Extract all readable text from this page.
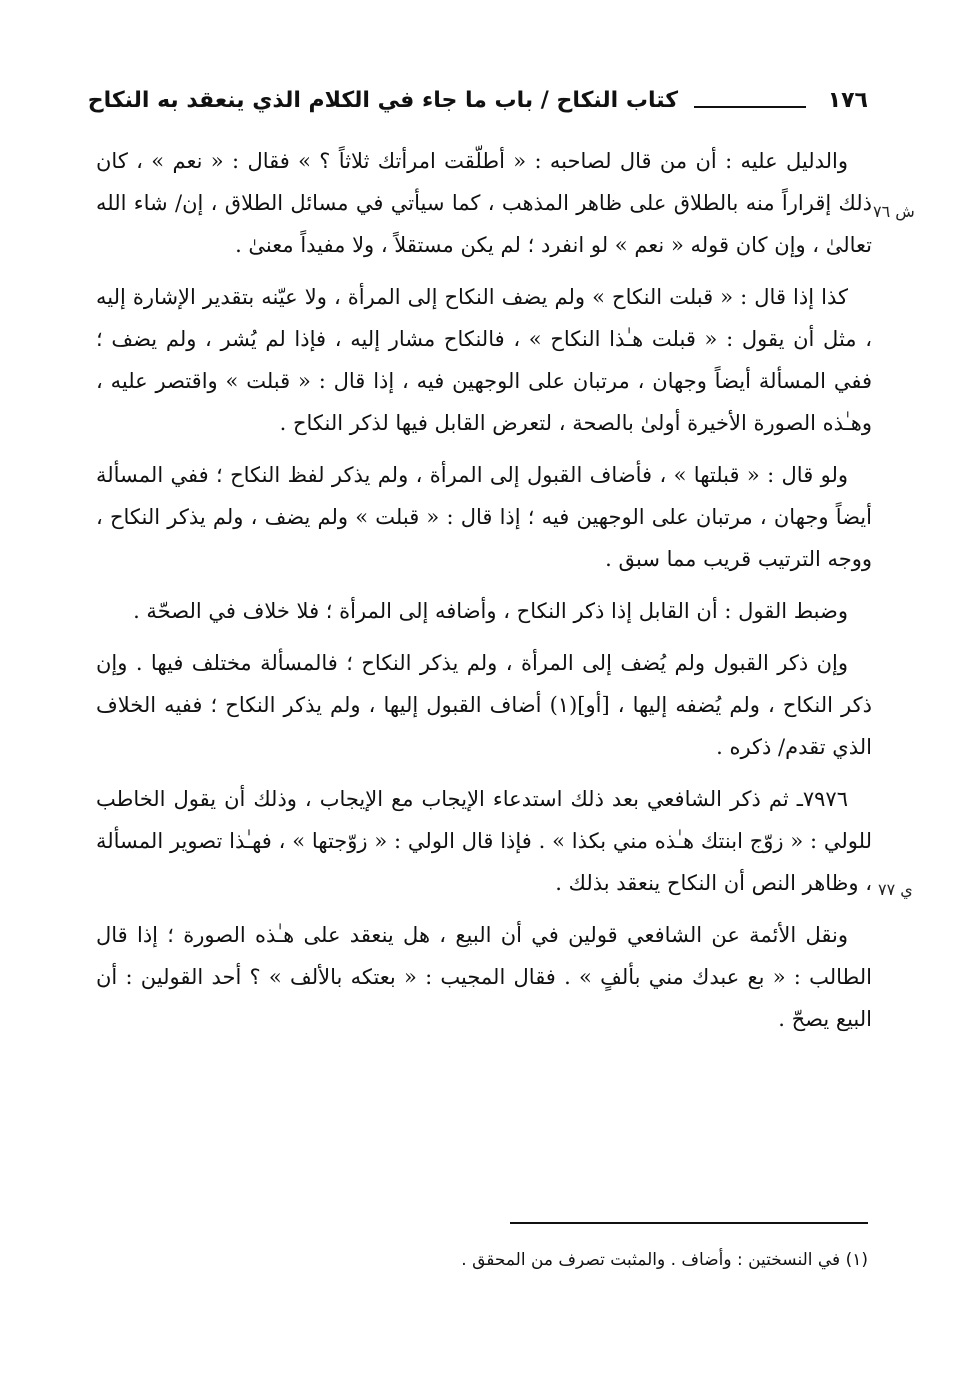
١٧٦
كتاب النكاح / باب ما جاء في الكلام الذي ينعقد به النكاح
ش ٧٦
ي ٧٧

والدليل عليه : أن من قال لصاحبه : « أطلّقت امرأتك ثلاثاً ؟ » فقال : « نعم » ، كان ذلك إقراراً منه بالطلاق على ظاهر المذهب ، كما سيأتي في مسائل الطلاق ، إن/ شاء الله تعالىٰ ، وإن كان قوله « نعم » لو انفرد ؛ لم يكن مستقلاً ، ولا مفيداً معنىٰ .

كذا إذا قال : « قبلت النكاح » ولم يضف النكاح إلى المرأة ، ولا عيّنه بتقدير الإشارة إليه ، مثل أن يقول : « قبلت هـٰذا النكاح » ، فالنكاح مشار إليه ، فإذا لم يُشر ، ولم يضف ؛ ففي المسألة أيضاً وجهان ، مرتبان على الوجهين فيه ، إذا قال : « قبلت » واقتصر عليه ، وهـٰذه الصورة الأخيرة أولىٰ بالصحة ، لتعرض القابل فيها لذكر النكاح .

ولو قال : « قبلتها » ، فأضاف القبول إلى المرأة ، ولم يذكر لفظ النكاح ؛ ففي المسألة أيضاً وجهان ، مرتبان على الوجهين فيه ؛ إذا قال : « قبلت » ولم يضف ، ولم يذكر النكاح ، ووجه الترتيب قريب مما سبق .

وضبط القول : أن القابل إذا ذكر النكاح ، وأضافه إلى المرأة ؛ فلا خلاف في الصحّة .

وإن ذكر القبول ولم يُضف إلى المرأة ، ولم يذكر النكاح ؛ فالمسألة مختلف فيها . وإن ذكر النكاح ، ولم يُضفه إليها ، [أو](١) أضاف القبول إليها ، ولم يذكر النكاح ؛ ففيه الخلاف الذي تقدم/ ذكره .

٧٩٧٦ـ ثم ذكر الشافعي بعد ذلك استدعاء الإيجاب مع الإيجاب ، وذلك أن يقول الخاطب للولي : « زوّج ابنتك هـٰذه مني بكذا » . فإذا قال الولي : « زوّجتها » ، فهـٰذا تصوير المسألة ، وظاهر النص أن النكاح ينعقد بذلك .

ونقل الأئمة عن الشافعي قولين في أن البيع ، هل ينعقد على هـٰذه الصورة ؛ إذا قال الطالب : « بع عبدك مني بألفٍ » . فقال المجيب : « بعتكه بالألف » ؟ أحد القولين : أن البيع يصحّ .

(١) في النسختين : وأضاف . والمثبت تصرف من المحقق .
